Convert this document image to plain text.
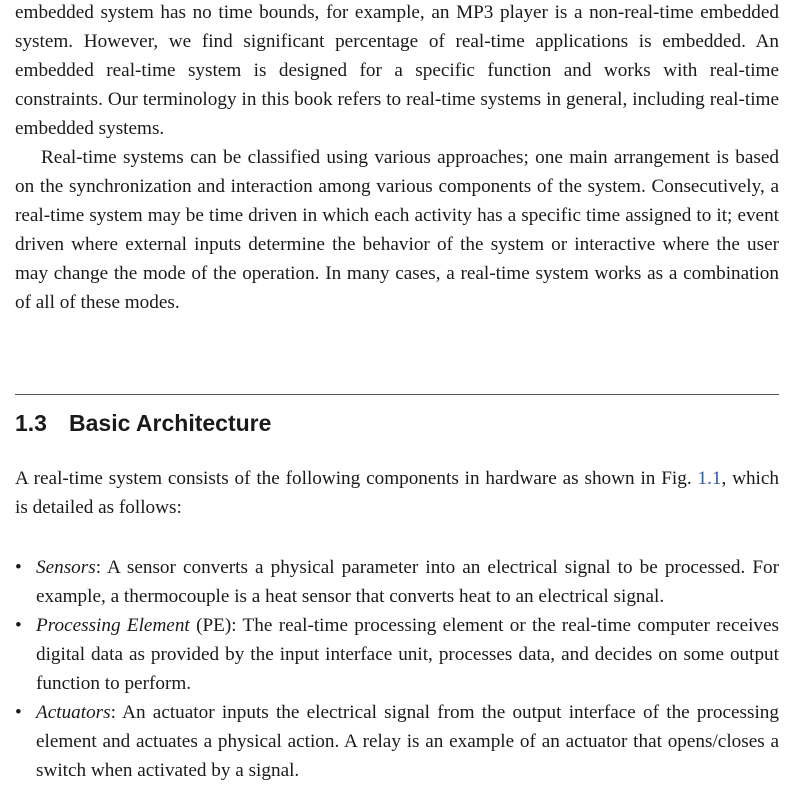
embedded system has no time bounds, for example, an MP3 player is a non-real-time embedded system. However, we find significant percentage of real-time applications is embedded. An embedded real-time system is designed for a specific function and works with real-time constraints. Our terminology in this book refers to real-time systems in general, including real-time embedded systems.

Real-time systems can be classified using various approaches; one main arrangement is based on the synchronization and interaction among various components of the system. Consecutively, a real-time system may be time driven in which each activity has a specific time assigned to it; event driven where external inputs determine the behavior of the system or interactive where the user may change the mode of the operation. In many cases, a real-time system works as a combination of all of these modes.

1.3 Basic Architecture

A real-time system consists of the following components in hardware as shown in Fig. 1.1, which is detailed as follows:

• Sensors: A sensor converts a physical parameter into an electrical signal to be processed. For example, a thermocouple is a heat sensor that converts heat to an electrical signal.
• Processing Element (PE): The real-time processing element or the real-time computer receives digital data as provided by the input interface unit, processes data, and decides on some output function to perform.
• Actuators: An actuator inputs the electrical signal from the output interface of the processing element and actuates a physical action. A relay is an example of an actuator that opens/closes a switch when activated by a signal.
